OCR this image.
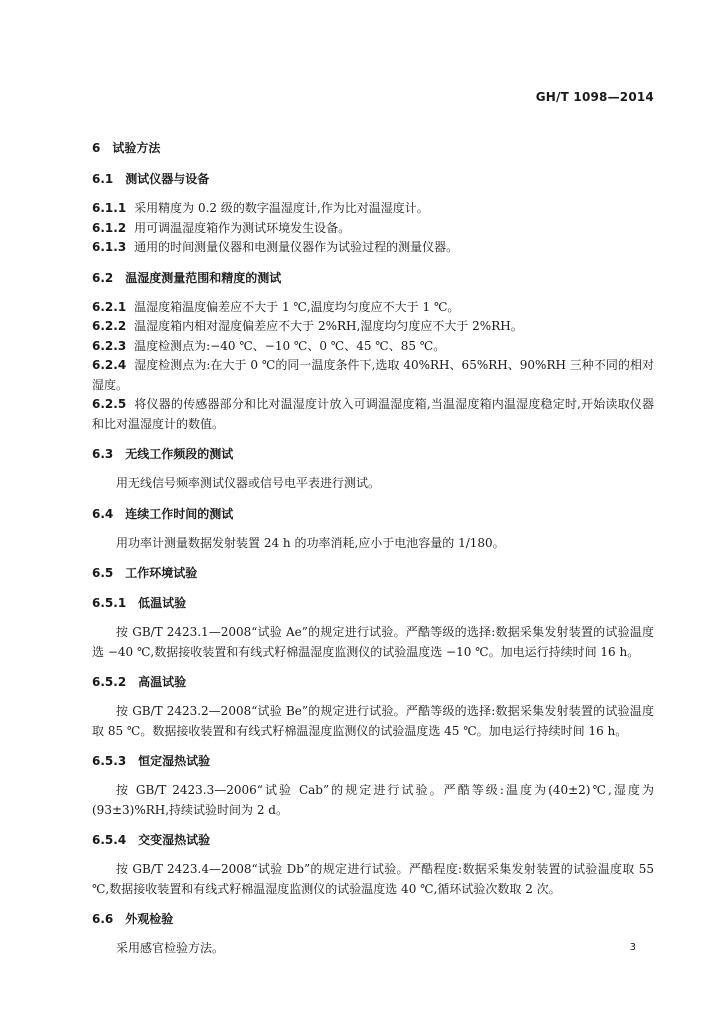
GH/T 1098—2014
6 试验方法
6.1 测试仪器与设备

6.1.1 采用精度为 0.2 级的数字温湿度计,作为比对温湿度计。

6.1.2 用可调温湿度箱作为测试环境发生设备。

6.1.3 通用的时间测量仪器和电测量仪器作为试验过程的测量仪器。

6.2 温湿度测量范围和精度的测试

6.2.1 温湿度箱温度偏差应不大于 1 ℃,温度均匀度应不大于 1 ℃。

6.2.2 温湿度箱内相对湿度偏差应不大于 2%RH,湿度均匀度应不大于 2%RH。

6.2.3 温度检测点为:−40 ℃、−10 ℃、0 ℃、45 ℃、85 ℃。

6.2.4 湿度检测点为:在大于 0 ℃的同一温度条件下,选取 40%RH、65%RH、90%RH 三种不同的相对湿度。

6.2.5 将仪器的传感器部分和比对温湿度计放入可调温湿度箱,当温湿度箱内温湿度稳定时,开始读取仪器和比对温湿度计的数值。

6.3 无线工作频段的测试

用无线信号频率测试仪器或信号电平表进行测试。

6.4 连续工作时间的测试

用功率计测量数据发射装置 24 h 的功率消耗,应小于电池容量的 1/180。

6.5 工作环境试验
6.5.1 低温试验

按 GB/T 2423.1—2008“试验 Ae”的规定进行试验。严酷等级的选择:数据采集发射装置的试验温度选 −40 ℃,数据接收装置和有线式籽棉温湿度监测仪的试验温度选 −10 ℃。加电运行持续时间 16 h。

6.5.2 高温试验

按 GB/T 2423.2—2008“试验 Be”的规定进行试验。严酷等级的选择:数据采集发射装置的试验温度取 85 ℃。数据接收装置和有线式籽棉温湿度监测仪的试验温度选 45 ℃。加电运行持续时间 16 h。

6.5.3 恒定湿热试验

按 GB/T 2423.3—2006“试验 Cab”的规定进行试验。严酷等级:温度为(40±2)℃,湿度为(93±3)%RH,持续试验时间为 2 d。

6.5.4 交变湿热试验

按 GB/T 2423.4—2008“试验 Db”的规定进行试验。严酷程度:数据采集发射装置的试验温度取 55 ℃,数据接收装置和有线式籽棉温湿度监测仪的试验温度选 40 ℃,循环试验次数取 2 次。

6.6 外观检验

采用感官检验方法。	3
